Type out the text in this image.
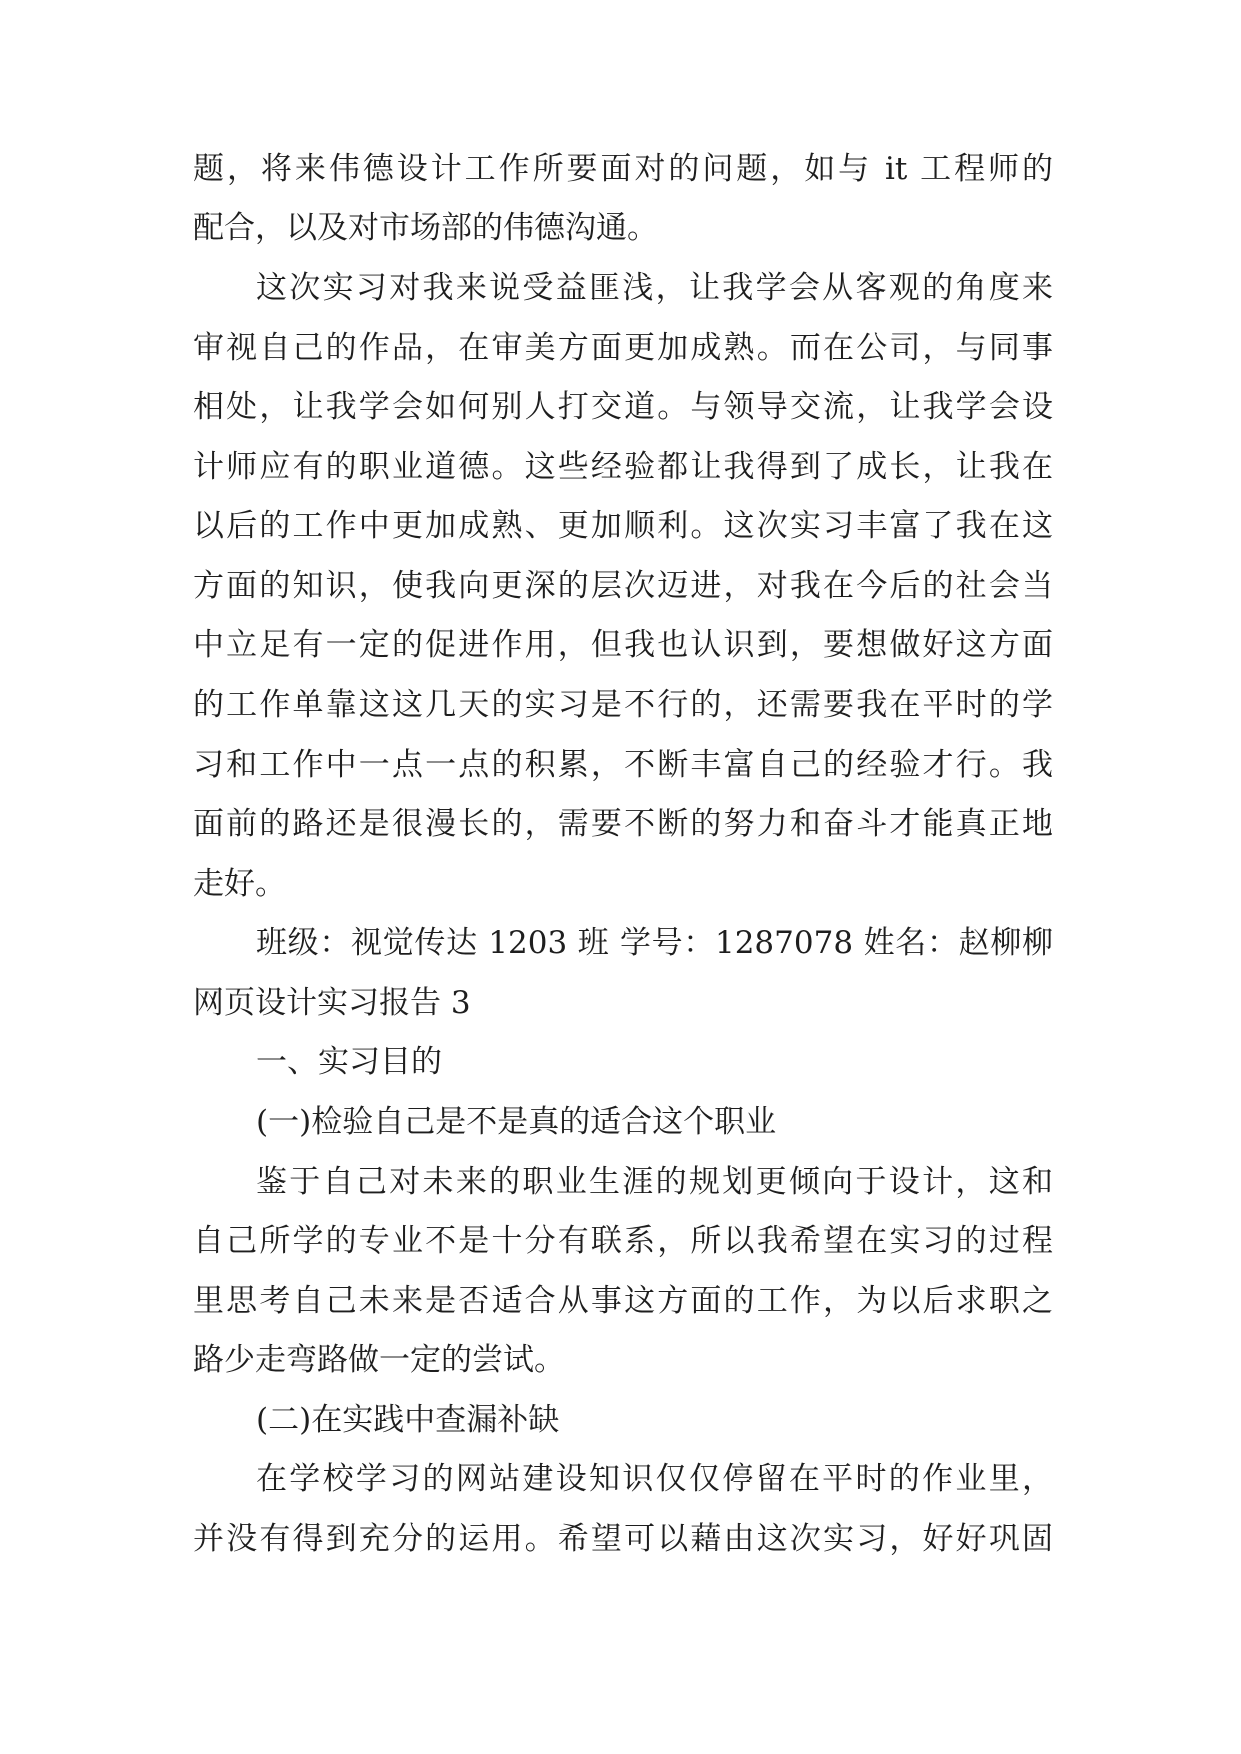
题，将来伟德设计工作所要面对的问题，如与 it 工程师的
配合，以及对市场部的伟德沟通。
这次实习对我来说受益匪浅，让我学会从客观的角度来
审视自己的作品，在审美方面更加成熟。而在公司，与同事
相处，让我学会如何别人打交道。与领导交流，让我学会设
计师应有的职业道德。这些经验都让我得到了成长，让我在
以后的工作中更加成熟、更加顺利。这次实习丰富了我在这
方面的知识，使我向更深的层次迈进，对我在今后的社会当
中立足有一定的促进作用，但我也认识到，要想做好这方面
的工作单靠这这几天的实习是不行的，还需要我在平时的学
习和工作中一点一点的积累，不断丰富自己的经验才行。我
面前的路还是很漫长的，需要不断的努力和奋斗才能真正地
走好。
班级：视觉传达 1203 班 学号：1287078 姓名：赵柳柳
网页设计实习报告 3
一、实习目的
(一)检验自己是不是真的适合这个职业
鉴于自己对未来的职业生涯的规划更倾向于设计，这和
自己所学的专业不是十分有联系，所以我希望在实习的过程
里思考自己未来是否适合从事这方面的工作，为以后求职之
路少走弯路做一定的尝试。
(二)在实践中查漏补缺
在学校学习的网站建设知识仅仅停留在平时的作业里，
并没有得到充分的运用。希望可以藉由这次实习，好好巩固
